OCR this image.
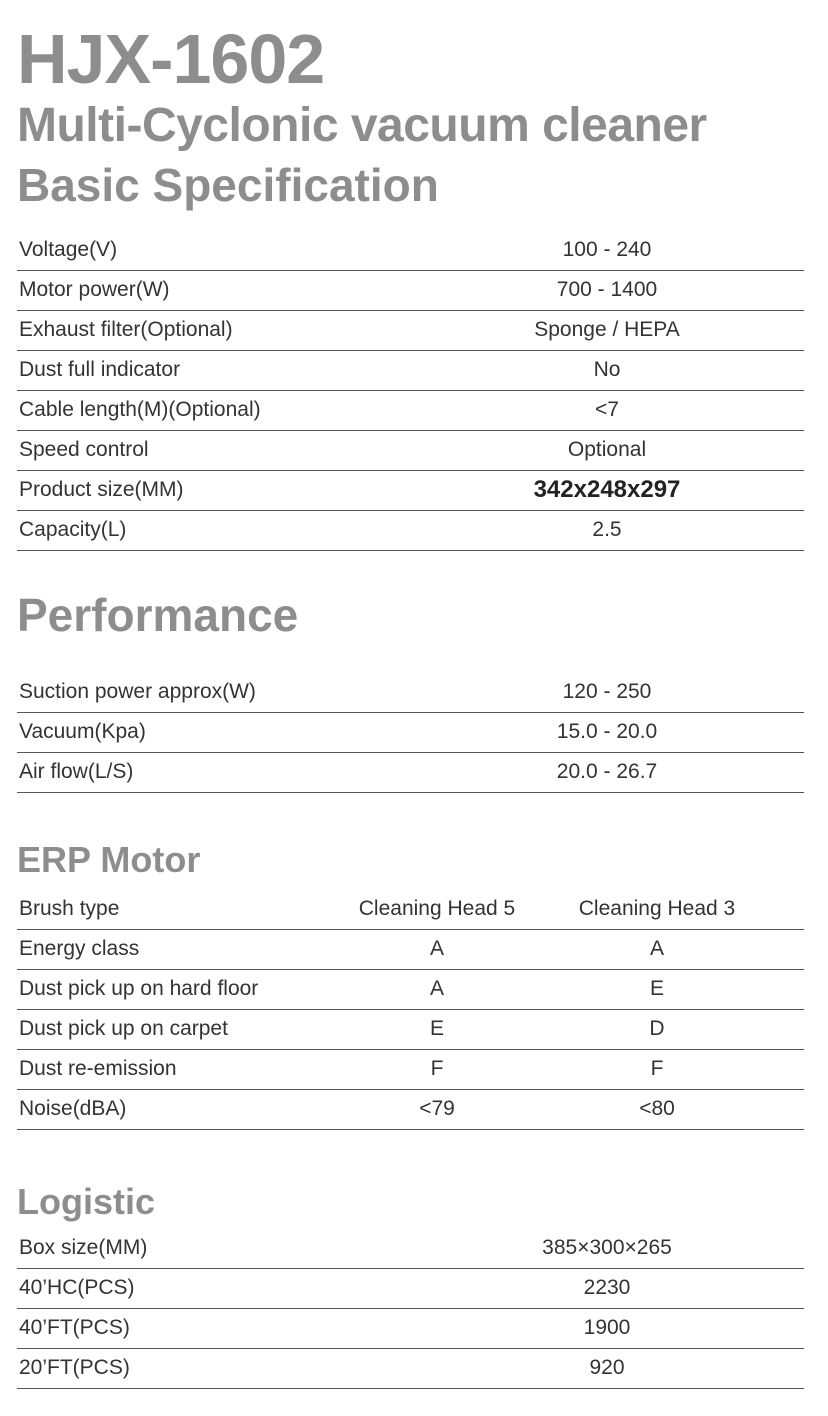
HJX-1602
Multi-Cyclonic vacuum cleaner
Basic Specification
Voltage(V)	100 - 240
Motor power(W)	700 - 1400
Exhaust filter(Optional)	Sponge / HEPA
Dust full indicator	No
Cable length(M)(Optional)	<7
Speed control	Optional
Product size(MM)	342x248x297
Capacity(L)	2.5
Performance
Suction power approx(W)	120 - 250
Vacuum(Kpa)	15.0 - 20.0
Air flow(L/S)	20.0 - 26.7
ERP Motor
Brush type	Cleaning Head 5	Cleaning Head 3
Energy class	A	A
Dust pick up on hard floor	A	E
Dust pick up on carpet	E	D
Dust re-emission	F	F
Noise(dBA)	<79	<80
Logistic
Box size(MM)	385×300×265
40’HC(PCS)	2230
40’FT(PCS)	1900
20’FT(PCS)	920
